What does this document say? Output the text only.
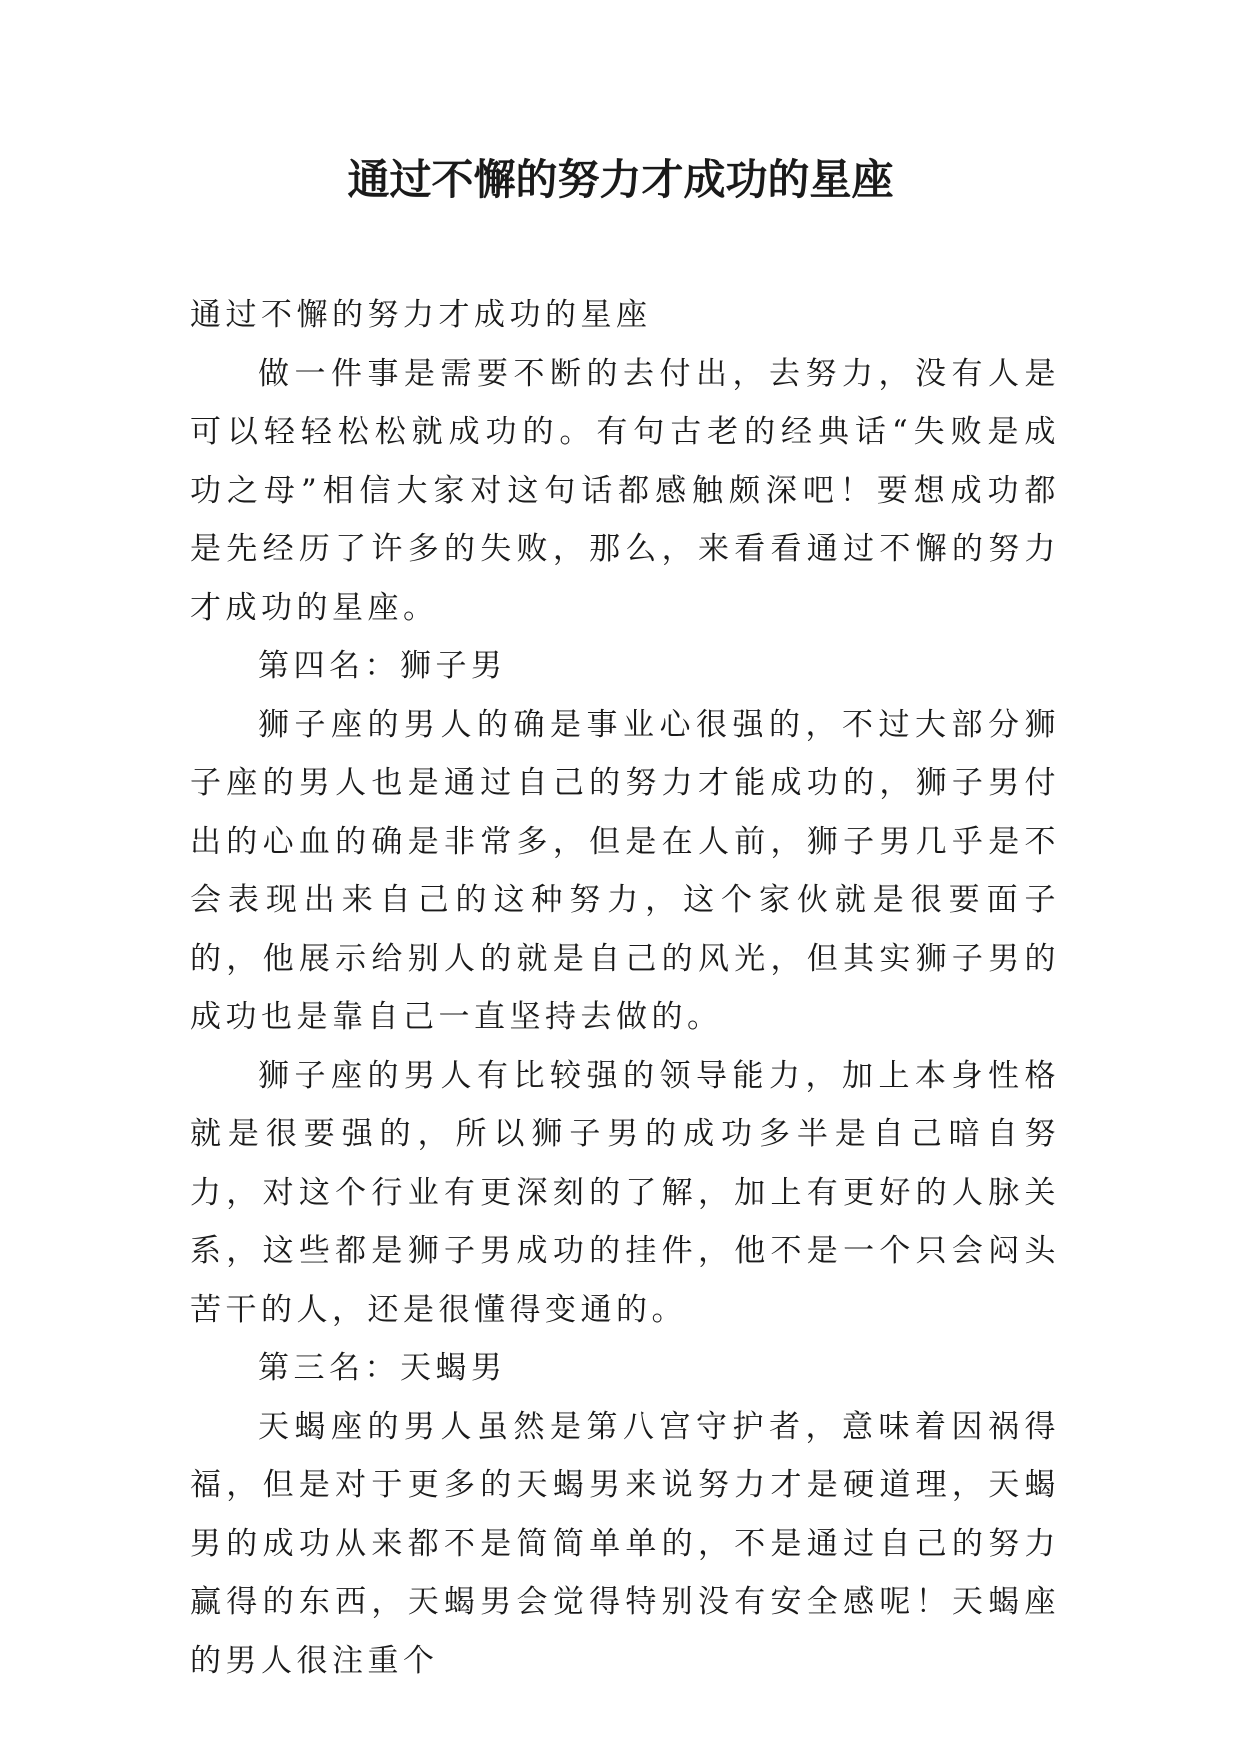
通过不懈的努力才成功的星座

通过不懈的努力才成功的星座

做一件事是需要不断的去付出，去努力，没有人是可以轻轻松松就成功的。有句古老的经典话“失败是成功之母”相信大家对这句话都感触颇深吧！要想成功都是先经历了许多的失败，那么，来看看通过不懈的努力才成功的星座。

第四名：狮子男

狮子座的男人的确是事业心很强的，不过大部分狮子座的男人也是通过自己的努力才能成功的，狮子男付出的心血的确是非常多，但是在人前，狮子男几乎是不会表现出来自己的这种努力，这个家伙就是很要面子的，他展示给别人的就是自己的风光，但其实狮子男的成功也是靠自己一直坚持去做的。

狮子座的男人有比较强的领导能力，加上本身性格就是很要强的，所以狮子男的成功多半是自己暗自努力，对这个行业有更深刻的了解，加上有更好的人脉关系，这些都是狮子男成功的挂件，他不是一个只会闷头苦干的人，还是很懂得变通的。

第三名：天蝎男

天蝎座的男人虽然是第八宫守护者，意味着因祸得福，但是对于更多的天蝎男来说努力才是硬道理，天蝎男的成功从来都不是简简单单的，不是通过自己的努力赢得的东西，天蝎男会觉得特别没有安全感呢！天蝎座的男人很注重个
